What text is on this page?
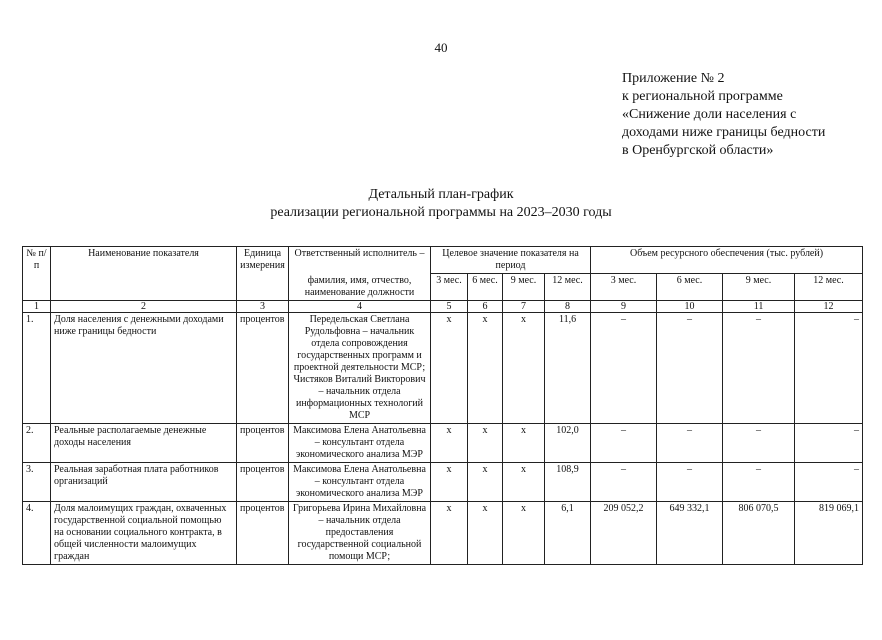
40
Приложение № 2
к региональной программе
«Снижение доли населения с
доходами ниже границы бедности
в Оренбургской области»
Детальный план-график
реализации региональной программы на 2023–2030 годы
№ п/п	Наименование показателя	Единица измерения	Ответственный исполнитель –	Целевое значение показателя на период				Объем ресурсного обеспечения (тыс. рублей)			
			фамилия, имя, отчество, наименование должности	3 мес.	6 мес.	9 мес.	12 мес.	3 мес.	6 мес.	9 мес.	12 мес.
1	2	3	4	5	6	7	8	9	10	11	12
1.	Доля населения с денежными доходами ниже границы бедности	процентов	Передельская Светлана Рудольфовна – начальник отдела сопровождения государственных программ и проектной деятельности МСР; Чистяков Виталий Викторович – начальник отдела информационных технологий МСР	x	x	x	11,6	–	–	–	–
2.	Реальные располагаемые денежные доходы населения	процентов	Максимова Елена Анатольевна – консультант отдела экономического анализа МЭР	x	x	x	102,0	–	–	–	–
3.	Реальная заработная плата работников организаций	процентов	Максимова Елена Анатольевна – консультант отдела экономического анализа МЭР	x	x	x	108,9	–	–	–	–
4.	Доля малоимущих граждан, охваченных государственной социальной помощью на основании социального контракта, в общей численности малоимущих граждан	процентов	Григорьева Ирина Михайловна – начальник отдела предоставления государственной социальной помощи МСР;	x	x	x	6,1	209 052,2	649 332,1	806 070,5	819 069,1
